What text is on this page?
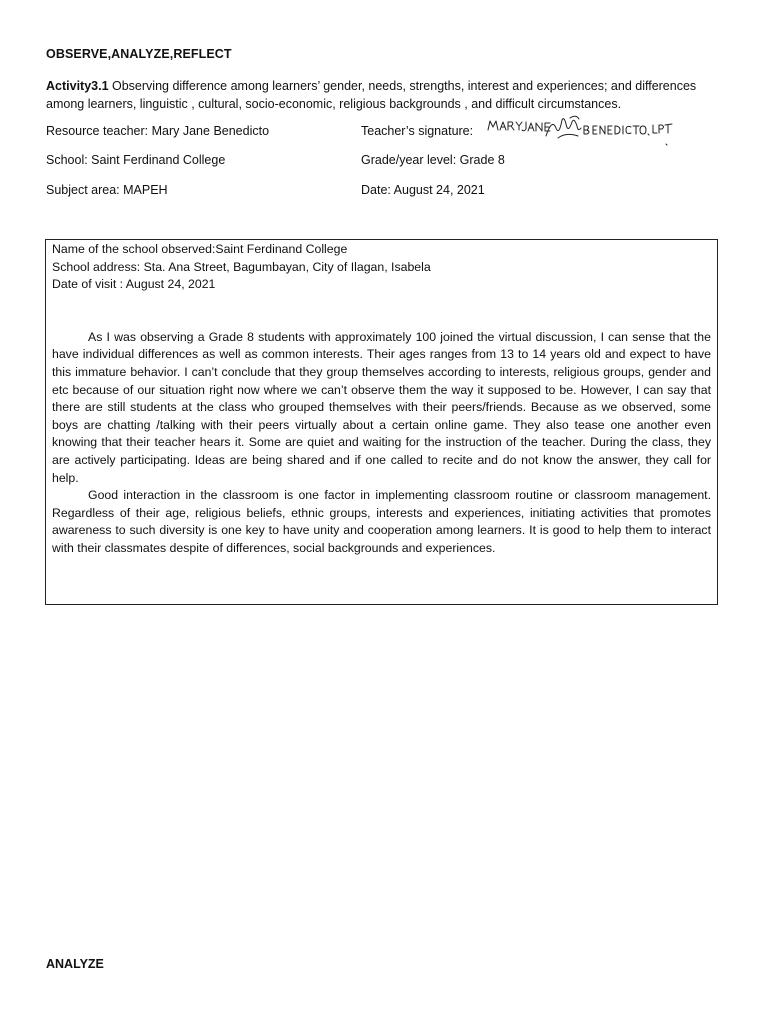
OBSERVE,ANALYZE,REFLECT
Activity3.1 Observing difference among learners’ gender, needs, strengths, interest and experiences; and differences among learners, linguistic , cultural, socio-economic, religious backgrounds , and difficult circumstances.
Resource teacher: Mary Jane Benedicto	Teacher’s signature:
School: Saint Ferdinand College	Grade/year level: Grade 8
Subject area: MAPEH	Date: August 24, 2021

Name of the school observed:Saint Ferdinand College

School address: Sta. Ana Street, Bagumbayan, City of Ilagan, Isabela

Date of visit : August 24, 2021

As I was observing a Grade 8 students with approximately 100 joined the virtual discussion, I can sense that the have individual differences as well as common interests. Their ages ranges from 13 to 14 years old and expect to have this immature behavior. I can’t conclude that they group themselves according to interests, religious groups, gender and etc because of our situation right now where we can’t observe them the way it supposed to be. However, I can say that there are still students at the class who grouped themselves with their peers/friends. Because as we observed, some boys are chatting /talking with their peers virtually about a certain online game. They also tease one another even knowing that their teacher hears it. Some are quiet and waiting for the instruction of the teacher. During the class, they are actively participating. Ideas are being shared and if one called to recite and do not know the answer, they call for help.

Good interaction in the classroom is one factor in implementing classroom routine or classroom management. Regardless of their age, religious beliefs, ethnic groups, interests and experiences, initiating activities that promotes awareness to such diversity is one key to have unity and cooperation among learners. It is good to help them to interact with their classmates despite of differences, social backgrounds and experiences.

ANALYZE
